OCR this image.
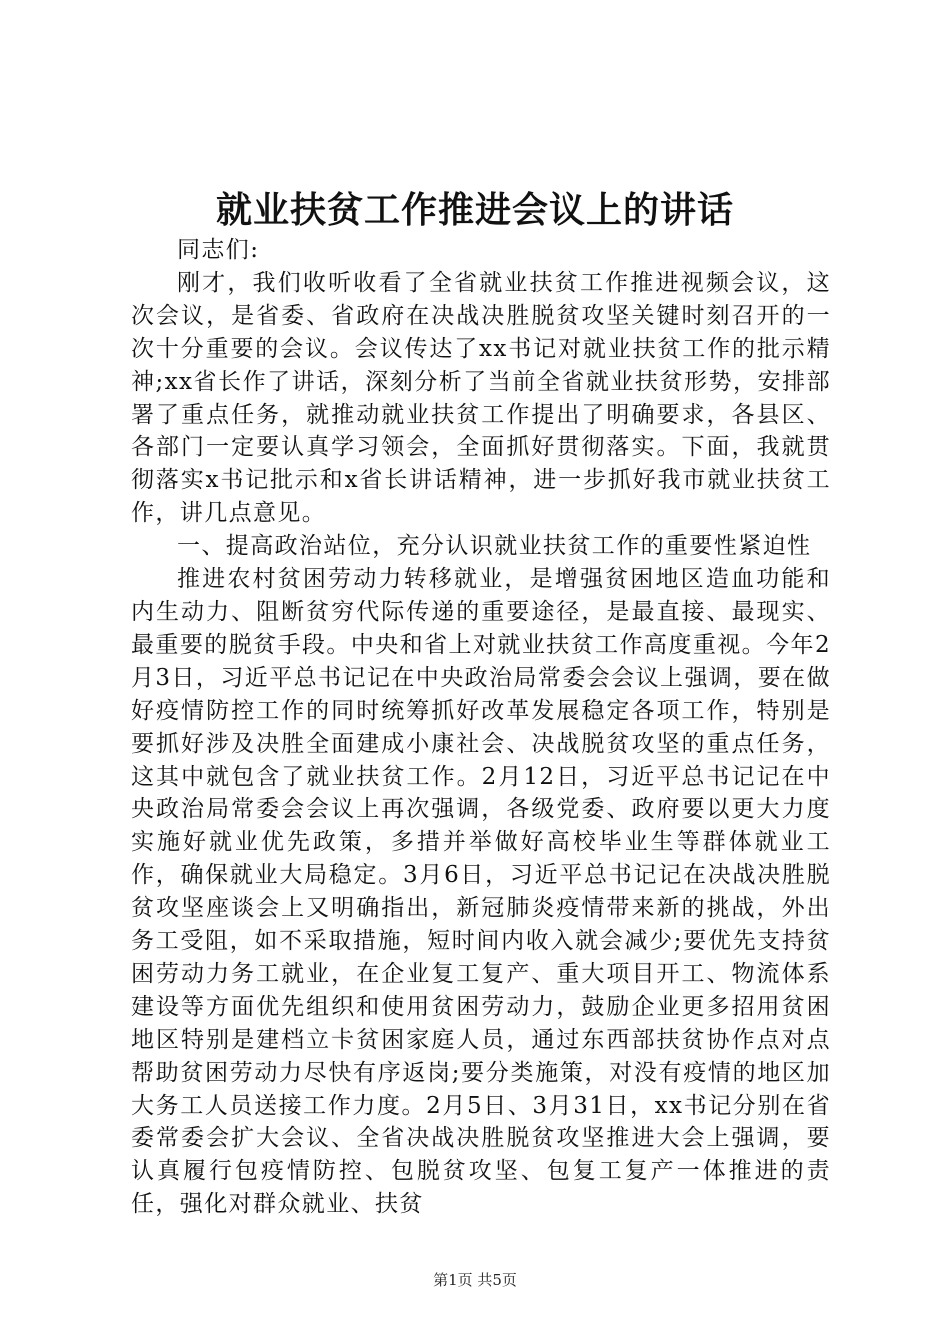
就业扶贫工作推进会议上的讲话

同志们:

刚才，我们收听收看了全省就业扶贫工作推进视频会议，这次会议，是省委、省政府在决战决胜脱贫攻坚关键时刻召开的一次十分重要的会议。会议传达了xx书记对就业扶贫工作的批示精神;xx省长作了讲话，深刻分析了当前全省就业扶贫形势，安排部署了重点任务，就推动就业扶贫工作提出了明确要求，各县区、各部门一定要认真学习领会，全面抓好贯彻落实。下面，我就贯彻落实x书记批示和x省长讲话精神，进一步抓好我市就业扶贫工作，讲几点意见。

一、提高政治站位，充分认识就业扶贫工作的重要性紧迫性

推进农村贫困劳动力转移就业，是增强贫困地区造血功能和内生动力、阻断贫穷代际传递的重要途径，是最直接、最现实、最重要的脱贫手段。中央和省上对就业扶贫工作高度重视。今年2月3日，习近平总书记记在中央政治局常委会会议上强调，要在做好疫情防控工作的同时统筹抓好改革发展稳定各项工作，特别是要抓好涉及决胜全面建成小康社会、决战脱贫攻坚的重点任务，这其中就包含了就业扶贫工作。2月12日，习近平总书记记在中央政治局常委会会议上再次强调，各级党委、政府要以更大力度实施好就业优先政策，多措并举做好高校毕业生等群体就业工作，确保就业大局稳定。3月6日，习近平总书记记在决战决胜脱贫攻坚座谈会上又明确指出，新冠肺炎疫情带来新的挑战，外出务工受阻，如不采取措施，短时间内收入就会减少;要优先支持贫困劳动力务工就业，在企业复工复产、重大项目开工、物流体系建设等方面优先组织和使用贫困劳动力，鼓励企业更多招用贫困地区特别是建档立卡贫困家庭人员，通过东西部扶贫协作点对点帮助贫困劳动力尽快有序返岗;要分类施策，对没有疫情的地区加大务工人员送接工作力度。2月5日、3月31日，xx书记分别在省委常委会扩大会议、全省决战决胜脱贫攻坚推进大会上强调，要认真履行包疫情防控、包脱贫攻坚、包复工复产一体推进的责任，强化对群众就业、扶贫

第1页 共5页
